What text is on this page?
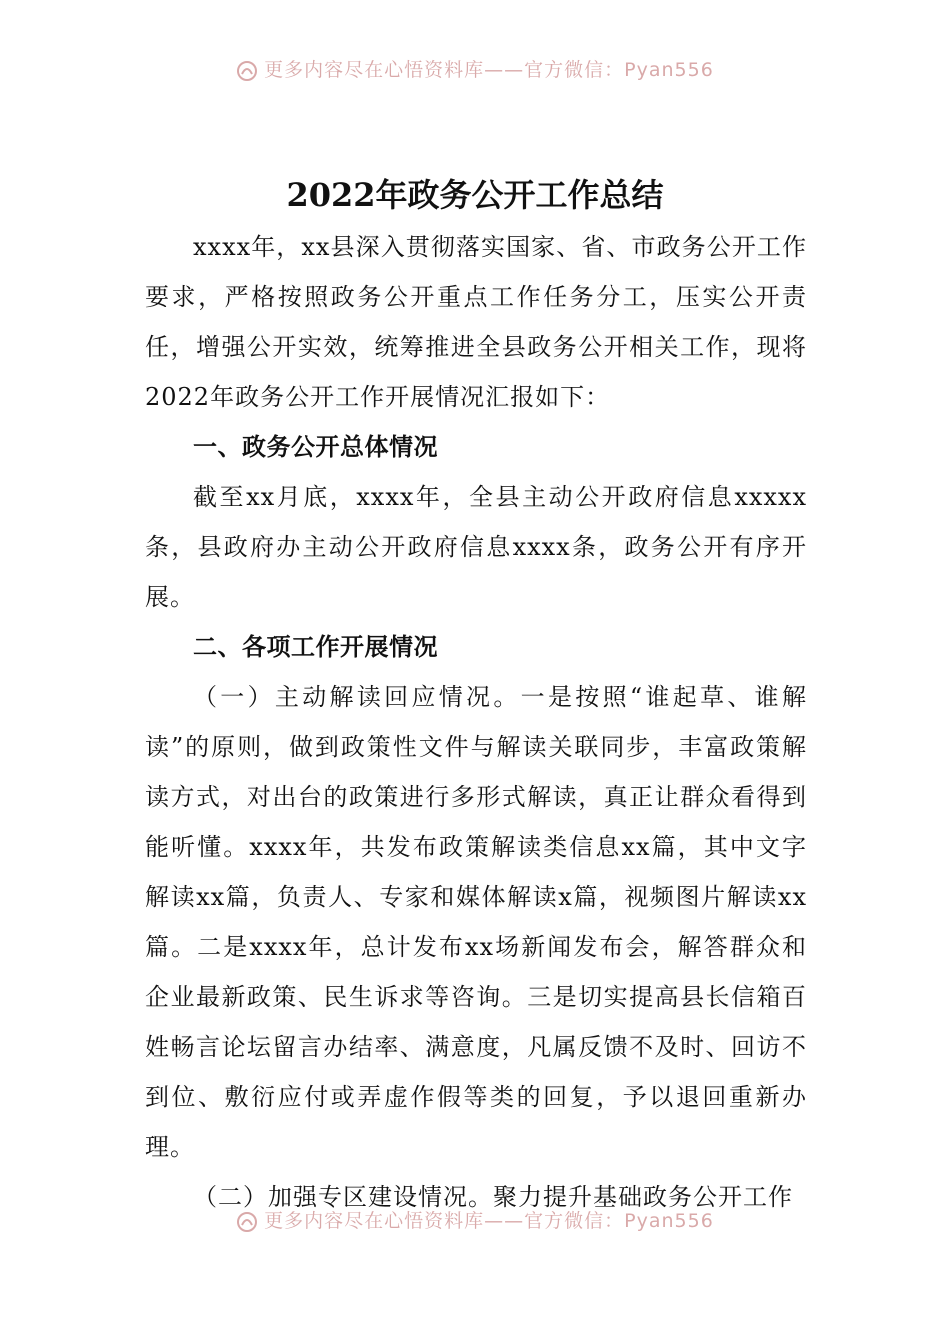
更多内容尽在心悟资料库——官方微信：Pyan556
2022年政务公开工作总结

xxxx年，xx县深入贯彻落实国家、省、市政务公开工作要求，严格按照政务公开重点工作任务分工，压实公开责任，增强公开实效，统筹推进全县政务公开相关工作，现将2022年政务公开工作开展情况汇报如下：

一、政务公开总体情况

截至xx月底，xxxx年，全县主动公开政府信息xxxxx条，县政府办主动公开政府信息xxxx条，政务公开有序开展。

二、各项工作开展情况

（一）主动解读回应情况。一是按照“谁起草、谁解读”的原则，做到政策性文件与解读关联同步，丰富政策解读方式，对出台的政策进行多形式解读，真正让群众看得到能听懂。xxxx年，共发布政策解读类信息xx篇，其中文字解读xx篇，负责人、专家和媒体解读x篇，视频图片解读xx篇。二是xxxx年，总计发布xx场新闻发布会，解答群众和企业最新政策、民生诉求等咨询。三是切实提高县长信箱百姓畅言论坛留言办结率、满意度，凡属反馈不及时、回访不到位、敷衍应付或弄虚作假等类的回复，予以退回重新办理。

（二）加强专区建设情况。聚力提升基础政务公开工作

更多内容尽在心悟资料库——官方微信：Pyan556
